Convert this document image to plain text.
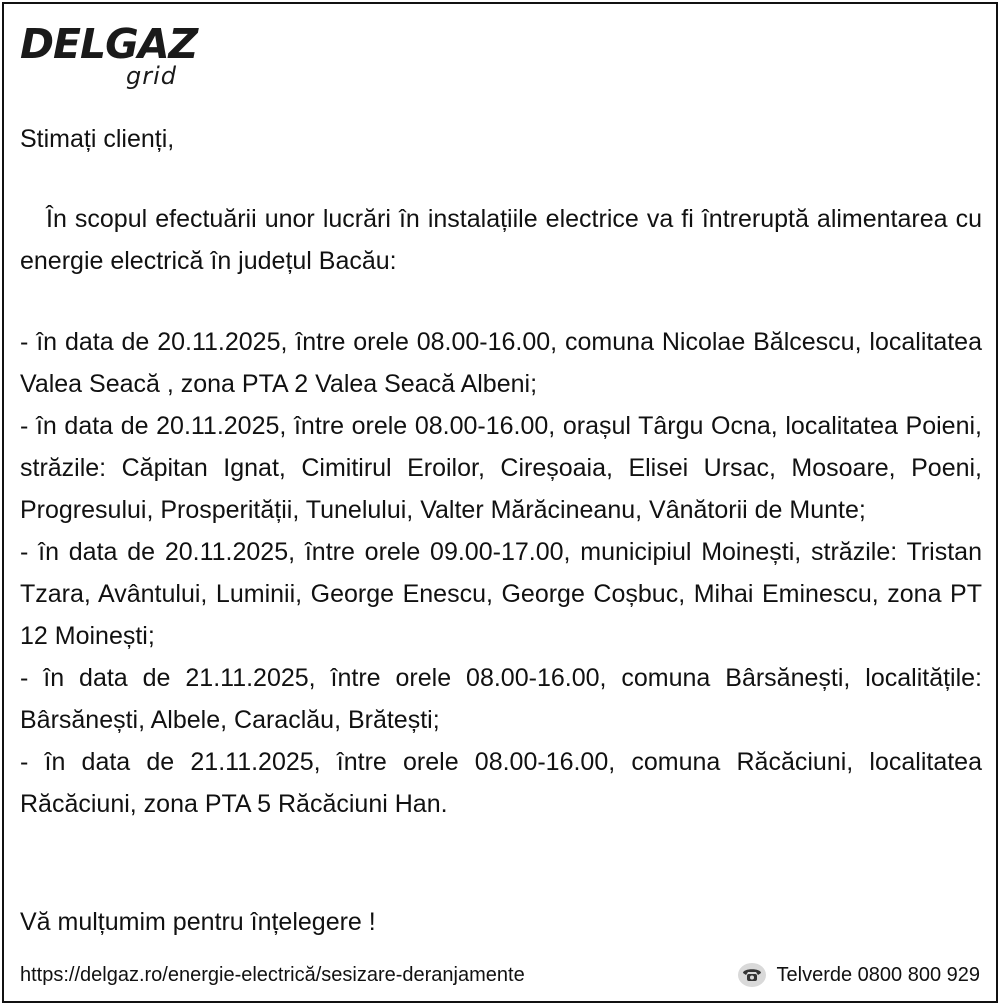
DELGAZ
grid
Stimați clienți,

În scopul efectuării unor lucrări în instalațiile electrice va fi întreruptă alimentarea cu energie electrică în județul Bacău:

- în data de 20.11.2025, între orele 08.00-16.00, comuna Nicolae Bălcescu, localitatea Valea Seacă , zona PTA 2 Valea Seacă Albeni;
- în data de 20.11.2025, între orele 08.00-16.00, orașul Târgu Ocna, localitatea Poieni, străzile: Căpitan Ignat, Cimitirul Eroilor, Cireșoaia, Elisei Ursac, Mosoare, Poeni, Progresului, Prosperității, Tunelului, Valter Mărăcineanu, Vânătorii de Munte;
- în data de 20.11.2025, între orele 09.00-17.00, municipiul Moinești, străzile: Tristan Tzara, Avântului, Luminii, George Enescu, George Coșbuc, Mihai Eminescu, zona PT 12 Moinești;
- în data de 21.11.2025, între orele 08.00-16.00, comuna Bârsănești, localitățile: Bârsănești, Albele, Caraclău, Brătești;
- în data de 21.11.2025, între orele 08.00-16.00, comuna Răcăciuni, localitatea Răcăciuni, zona PTA 5 Răcăciuni Han.
Vă mulțumim pentru înțelegere !
https://delgaz.ro/energie-electrică/sesizare-deranjamente	Telverde 0800 800 929
